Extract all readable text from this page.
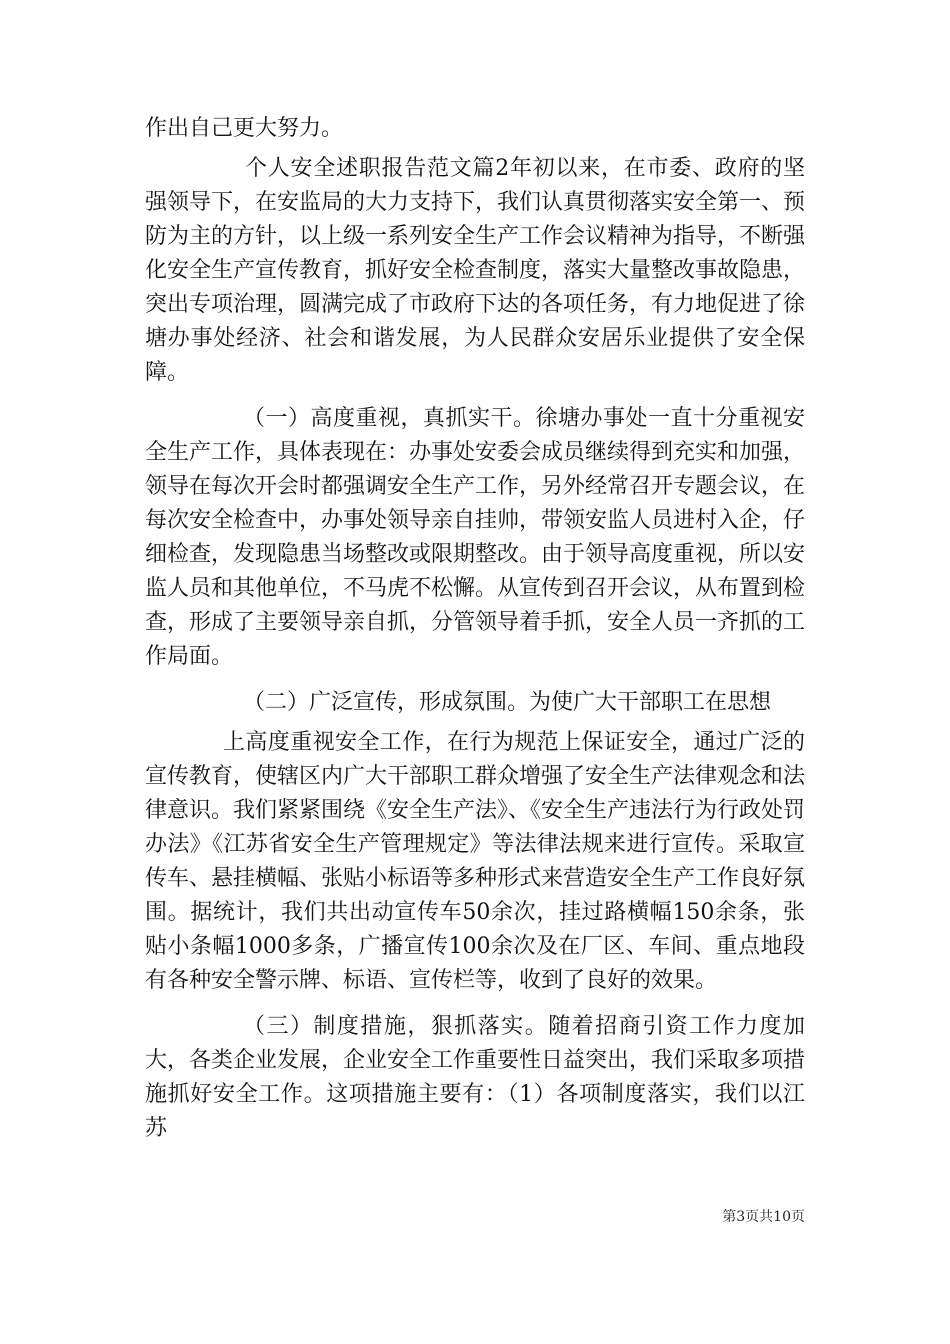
作出自己更大努力。

个人安全述职报告范文篇2年初以来，在市委、政府的坚强领导下，在安监局的大力支持下，我们认真贯彻落实安全第一、预防为主的方针，以上级一系列安全生产工作会议精神为指导，不断强化安全生产宣传教育，抓好安全检查制度，落实大量整改事故隐患，突出专项治理，圆满完成了市政府下达的各项任务，有力地促进了徐塘办事处经济、社会和谐发展，为人民群众安居乐业提供了安全保障。

（一）高度重视，真抓实干。徐塘办事处一直十分重视安全生产工作，具体表现在：办事处安委会成员继续得到充实和加强，领导在每次开会时都强调安全生产工作，另外经常召开专题会议，在每次安全检查中，办事处领导亲自挂帅，带领安监人员进村入企，仔细检查，发现隐患当场整改或限期整改。由于领导高度重视，所以安监人员和其他单位，不马虎不松懈。从宣传到召开会议，从布置到检查，形成了主要领导亲自抓，分管领导着手抓，安全人员一齐抓的工作局面。

（二）广泛宣传，形成氛围。为使广大干部职工在思想

上高度重视安全工作，在行为规范上保证安全，通过广泛的宣传教育，使辖区内广大干部职工群众增强了安全生产法律观念和法律意识。我们紧紧围绕《安全生产法》、《安全生产违法行为行政处罚办法》《江苏省安全生产管理规定》等法律法规来进行宣传。采取宣传车、悬挂横幅、张贴小标语等多种形式来营造安全生产工作良好氛围。据统计，我们共出动宣传车50余次，挂过路横幅150余条，张贴小条幅1000多条，广播宣传100余次及在厂区、车间、重点地段有各种安全警示牌、标语、宣传栏等，收到了良好的效果。

（三）制度措施，狠抓落实。随着招商引资工作力度加大，各类企业发展，企业安全工作重要性日益突出，我们采取多项措施抓好安全工作。这项措施主要有：（1）各项制度落实，我们以江苏

第3页共10页
